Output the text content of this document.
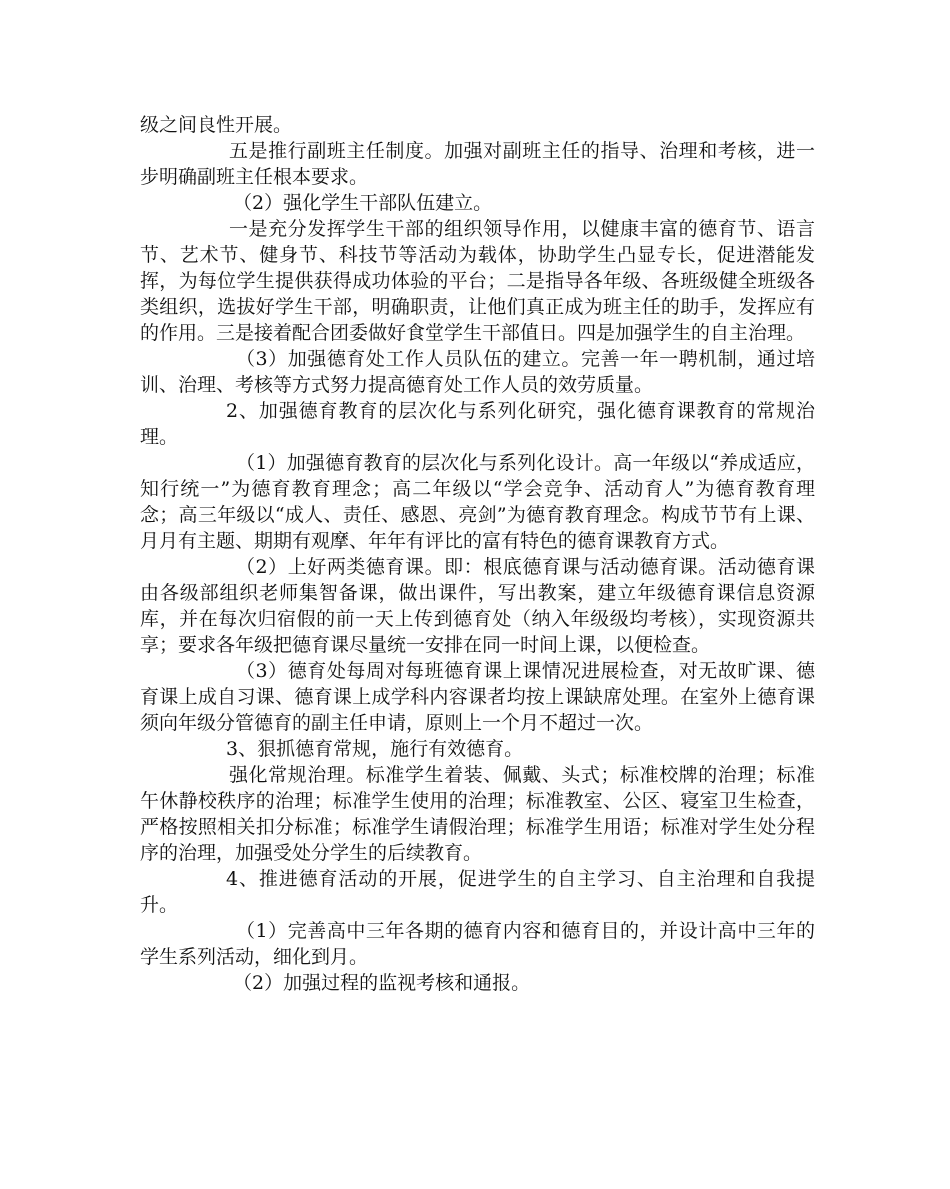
级之间良性开展。

五是推行副班主任制度。加强对副班主任的指导、治理和考核，进一步明确副班主任根本要求。

（2）强化学生干部队伍建立。

一是充分发挥学生干部的组织领导作用，以健康丰富的德育节、语言节、艺术节、健身节、科技节等活动为载体，协助学生凸显专长，促进潜能发挥，为每位学生提供获得成功体验的平台；二是指导各年级、各班级健全班级各类组织，选拔好学生干部，明确职责，让他们真正成为班主任的助手，发挥应有的作用。三是接着配合团委做好食堂学生干部值日。四是加强学生的自主治理。

（3）加强德育处工作人员队伍的建立。完善一年一聘机制，通过培训、治理、考核等方式努力提高德育处工作人员的效劳质量。

2、加强德育教育的层次化与系列化研究，强化德育课教育的常规治理。

（1）加强德育教育的层次化与系列化设计。高一年级以“养成适应，知行统一”为德育教育理念；高二年级以“学会竞争、活动育人”为德育教育理念；高三年级以“成人、责任、感恩、亮剑”为德育教育理念。构成节节有上课、月月有主题、期期有观摩、年年有评比的富有特色的德育课教育方式。

（2）上好两类德育课。即：根底德育课与活动德育课。活动德育课由各级部组织老师集智备课，做出课件，写出教案，建立年级德育课信息资源库，并在每次归宿假的前一天上传到德育处（纳入年级级均考核），实现资源共享；要求各年级把德育课尽量统一安排在同一时间上课，以便检查。

（3）德育处每周对每班德育课上课情况进展检查，对无故旷课、德育课上成自习课、德育课上成学科内容课者均按上课缺席处理。在室外上德育课须向年级分管德育的副主任申请，原则上一个月不超过一次。

3、狠抓德育常规，施行有效德育。

强化常规治理。标准学生着装、佩戴、头式；标准校牌的治理；标准午休静校秩序的治理；标准学生使用的治理；标准教室、公区、寝室卫生检查，严格按照相关扣分标准；标准学生请假治理；标准学生用语；标准对学生处分程序的治理，加强受处分学生的后续教育。

4、推进德育活动的开展，促进学生的自主学习、自主治理和自我提升。

（1）完善高中三年各期的德育内容和德育目的，并设计高中三年的学生系列活动，细化到月。

（2）加强过程的监视考核和通报。
